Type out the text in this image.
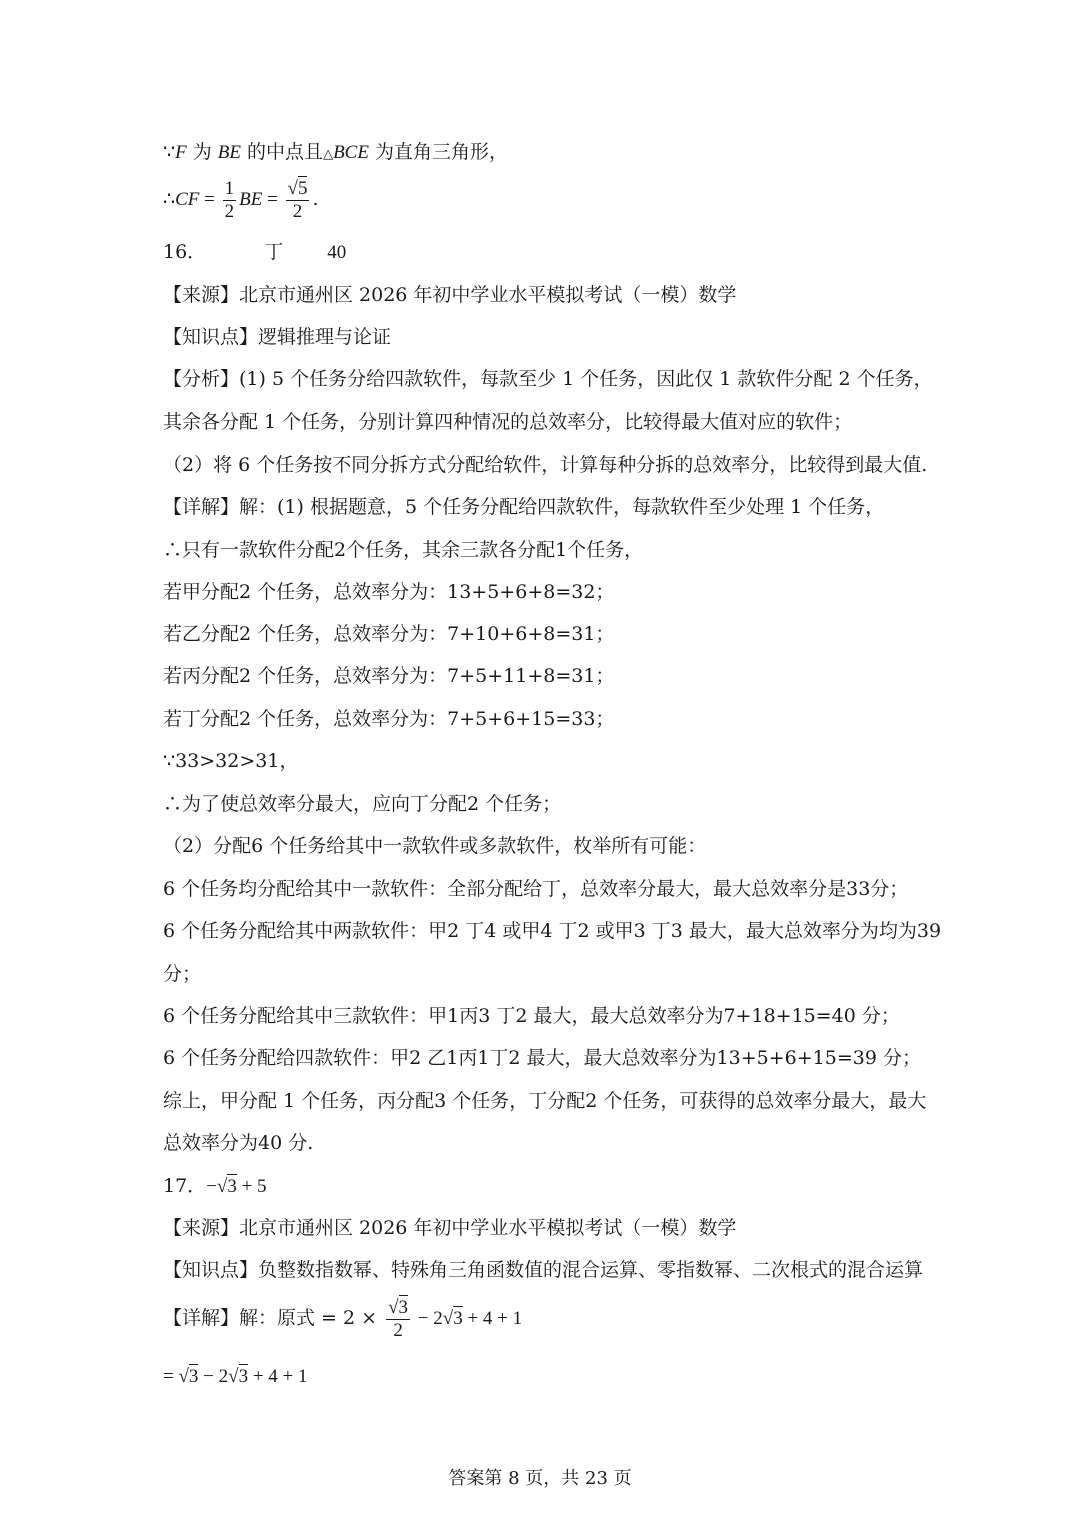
∵F 为 BE 的中点且△BCE 为直角三角形，
∴CF = $\frac{1}{2}$ BE = $\frac{√5}{2}$ .
16．	丁 40
【来源】北京市通州区 2026 年初中学业水平模拟考试（一模）数学
【知识点】逻辑推理与论证
【分析】(1) 5 个任务分给四款软件，每款至少 1 个任务，因此仅 1 款软件分配 2 个任务，
其余各分配 1 个任务，分别计算四种情况的总效率分，比较得最大值对应的软件；
（2）将 6 个任务按不同分拆方式分配给软件，计算每种分拆的总效率分，比较得到最大值.
【详解】解：(1) 根据题意，5 个任务分配给四款软件，每款软件至少处理 1 个任务，
∴只有一款软件分配2个任务，其余三款各分配1个任务，
若甲分配2 个任务，总效率分为：13+5+6+8=32；
若乙分配2 个任务，总效率分为：7+10+6+8=31；
若丙分配2 个任务，总效率分为：7+5+11+8=31；
若丁分配2 个任务，总效率分为：7+5+6+15=33；
∵33>32>31，
∴为了使总效率分最大，应向丁分配2 个任务；
（2）分配6 个任务给其中一款软件或多款软件，枚举所有可能：
6 个任务均分配给其中一款软件：全部分配给丁，总效率分最大，最大总效率分是33分；
6 个任务分配给其中两款软件：甲2 丁4 或甲4 丁2 或甲3 丁3 最大，最大总效率分为均为39
分；
6 个任务分配给其中三款软件：甲1丙3 丁2 最大，最大总效率分为7+18+15=40 分；
6 个任务分配给四款软件：甲2 乙1丙1丁2 最大，最大总效率分为13+5+6+15=39 分；
综上，甲分配 1 个任务，丙分配3 个任务，丁分配2 个任务，可获得的总效率分最大，最大
总效率分为40 分.
17．−√3 + 5
【来源】北京市通州区 2026 年初中学业水平模拟考试（一模）数学
【知识点】负整数指数幂、特殊角三角函数值的混合运算、零指数幂、二次根式的混合运算
【详解】解：原式 = $2 \times \frac{√3}{2} - 2√3 + 4 + 1$
= √3 − 2√3 + 4 + 1
答案第 8 页，共 23 页
